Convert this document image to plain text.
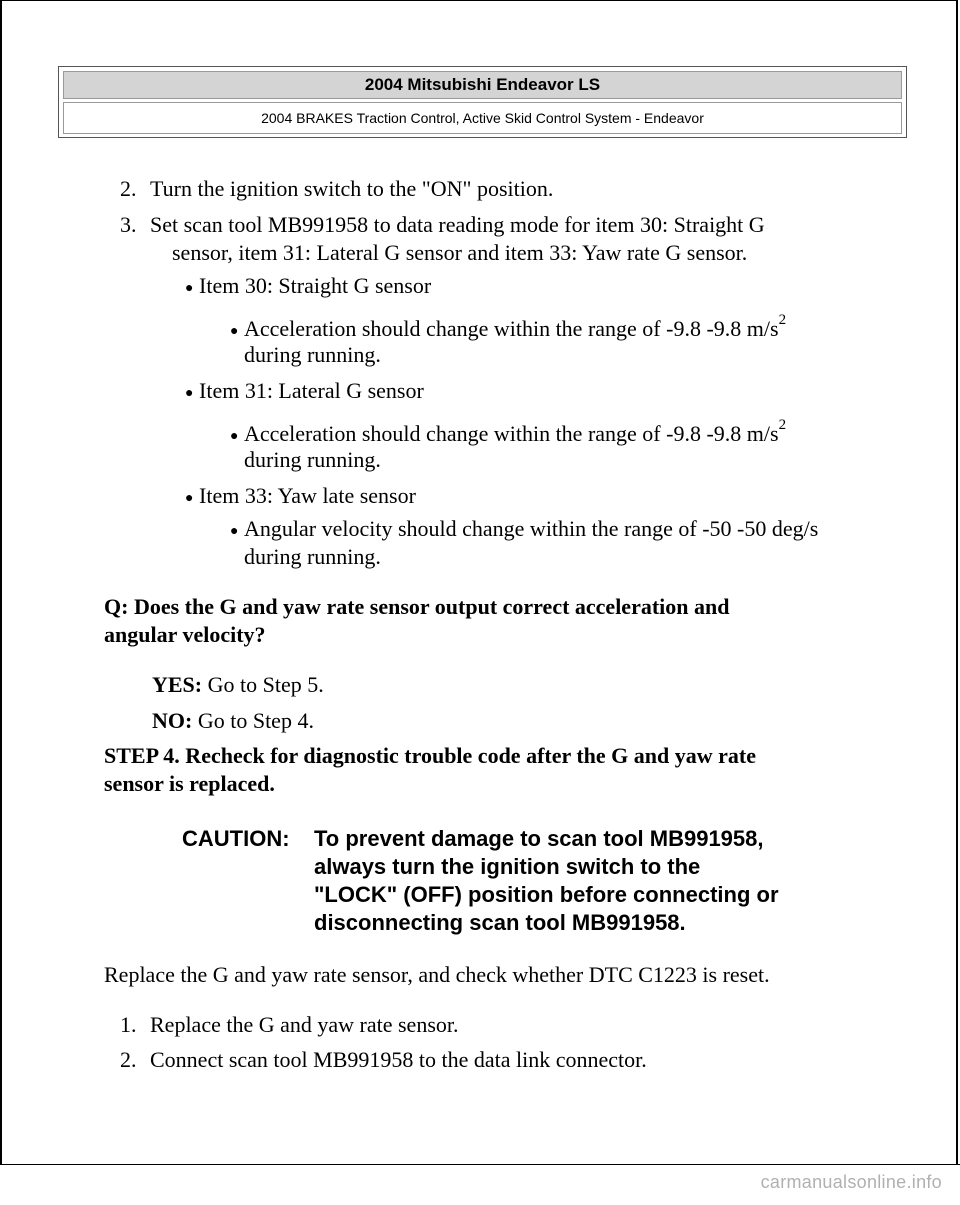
2004 Mitsubishi Endeavor LS
2004 BRAKES Traction Control, Active Skid Control System - Endeavor
2. Turn the ignition switch to the "ON" position.
3. Set scan tool MB991958 to data reading mode for item 30: Straight G
sensor, item 31: Lateral G sensor and item 33: Yaw rate G sensor.
● Item 30: Straight G sensor
● Acceleration should change within the range of -9.8 -9.8 $m/s^2$
during running.
● Item 31: Lateral G sensor
● Acceleration should change within the range of -9.8 -9.8 $m/s^2$
during running.
● Item 33: Yaw late sensor
● Angular velocity should change within the range of -50 -50 deg/s
during running.
Q: Does the G and yaw rate sensor output correct acceleration and
angular velocity?
YES: Go to Step 5.
NO: Go to Step 4.
STEP 4. Recheck for diagnostic trouble code after the G and yaw rate
sensor is replaced.
CAUTION: To prevent damage to scan tool MB991958,
always turn the ignition switch to the
"LOCK" (OFF) position before connecting or
disconnecting scan tool MB991958.
Replace the G and yaw rate sensor, and check whether DTC C1223 is reset.
1. Replace the G and yaw rate sensor.
2. Connect scan tool MB991958 to the data link connector.
carmanualsonline.info
